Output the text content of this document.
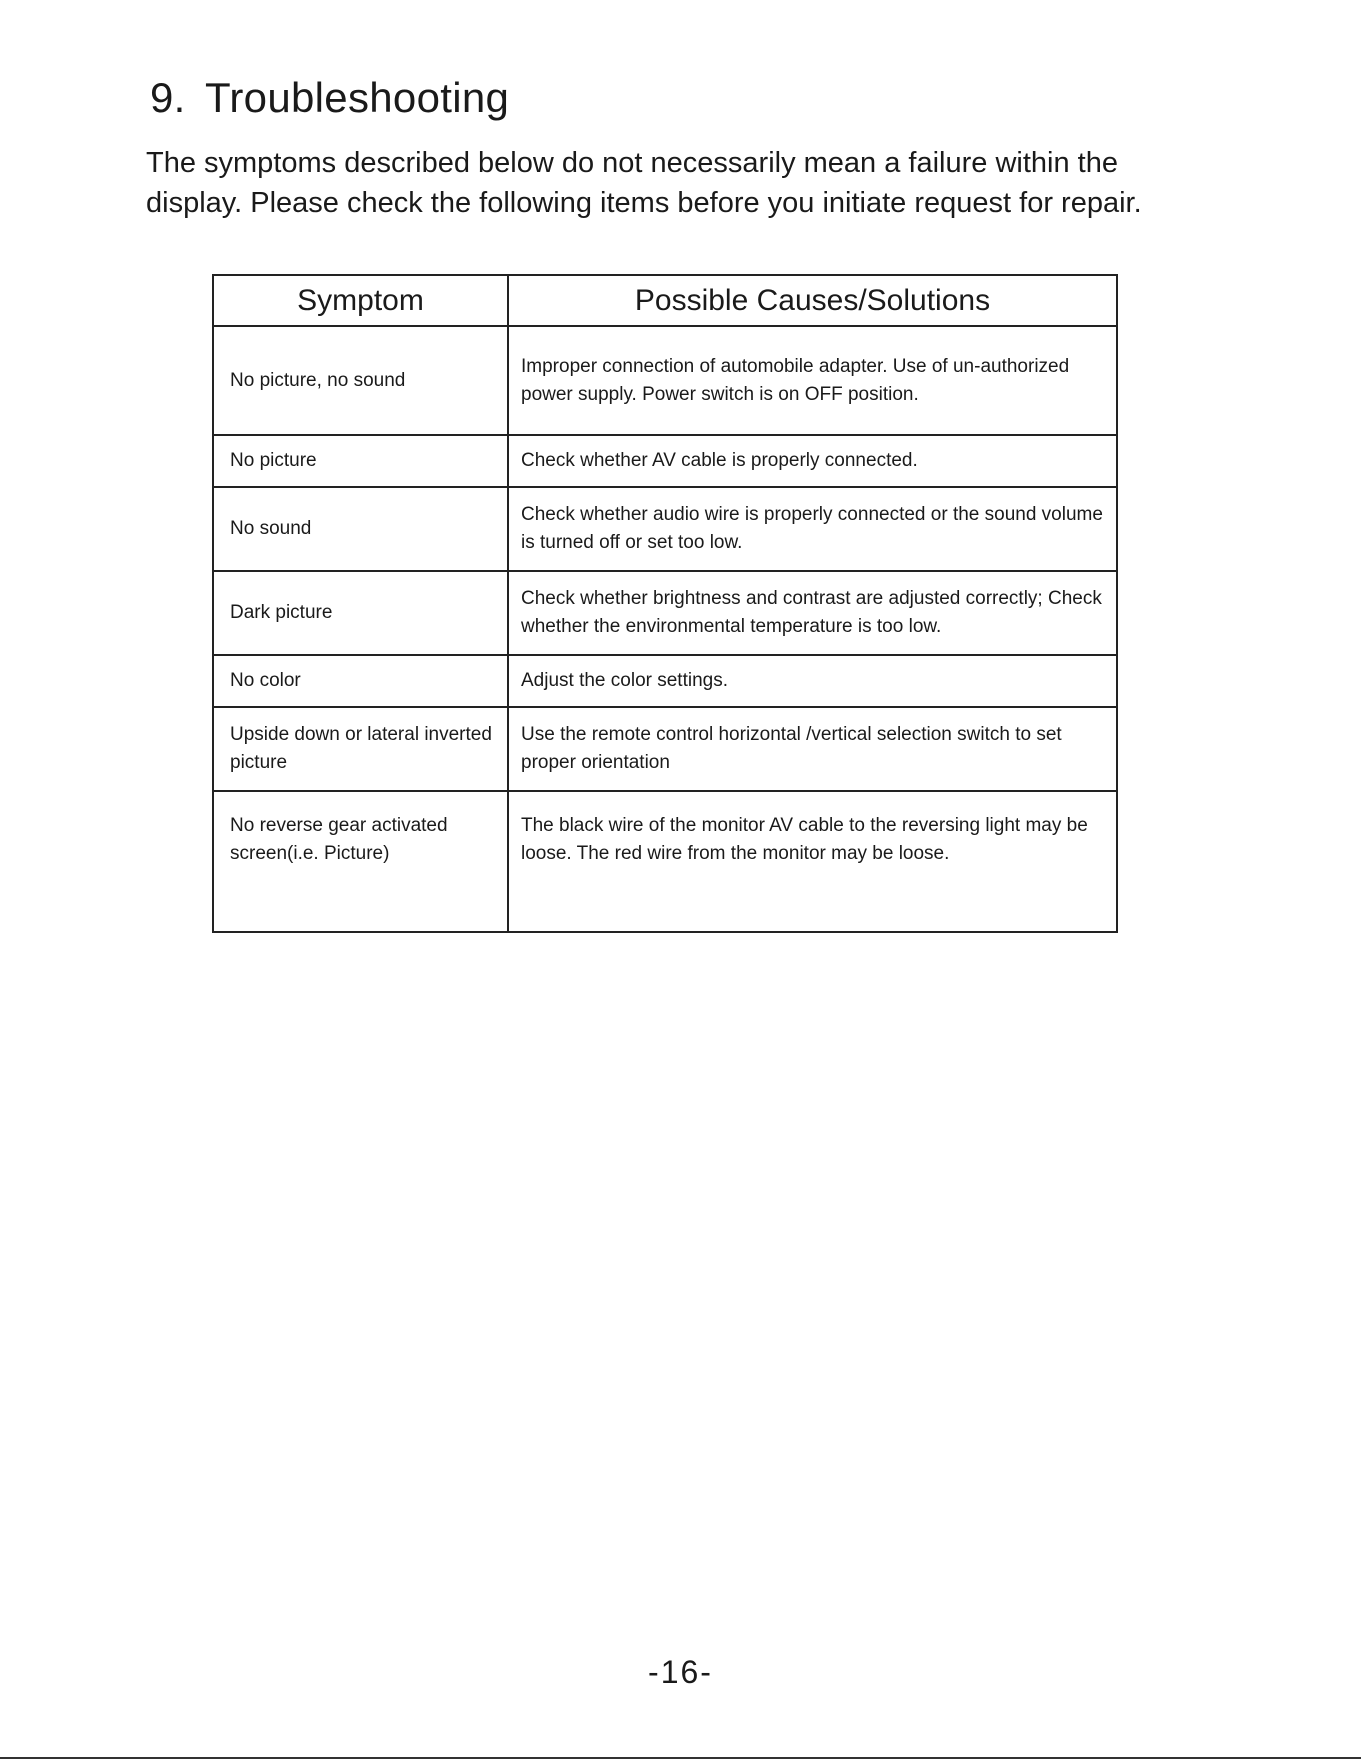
9. Troubleshooting

The symptoms described below do not necessarily mean a failure within the display. Please check the following items before you initiate request for repair.

Symptom	Possible Causes/Solutions
No picture, no sound	Improper connection of automobile adapter. Use of un-authorized power supply. Power switch is on OFF position.
No picture	Check whether AV cable is properly connected.
No sound	Check whether audio wire is properly connected or the sound volume is turned off or set too low.
Dark picture	Check whether brightness and contrast are adjusted correctly; Check whether the environmental temperature is too low.
No color	Adjust the color settings.
Upside down or lateral inverted picture	Use the remote control horizontal /vertical selection switch to set proper orientation
No reverse gear activated screen(i.e. Picture)	The black wire of the monitor AV cable to the reversing light may be loose. The red wire from the monitor may be loose.
-16-
